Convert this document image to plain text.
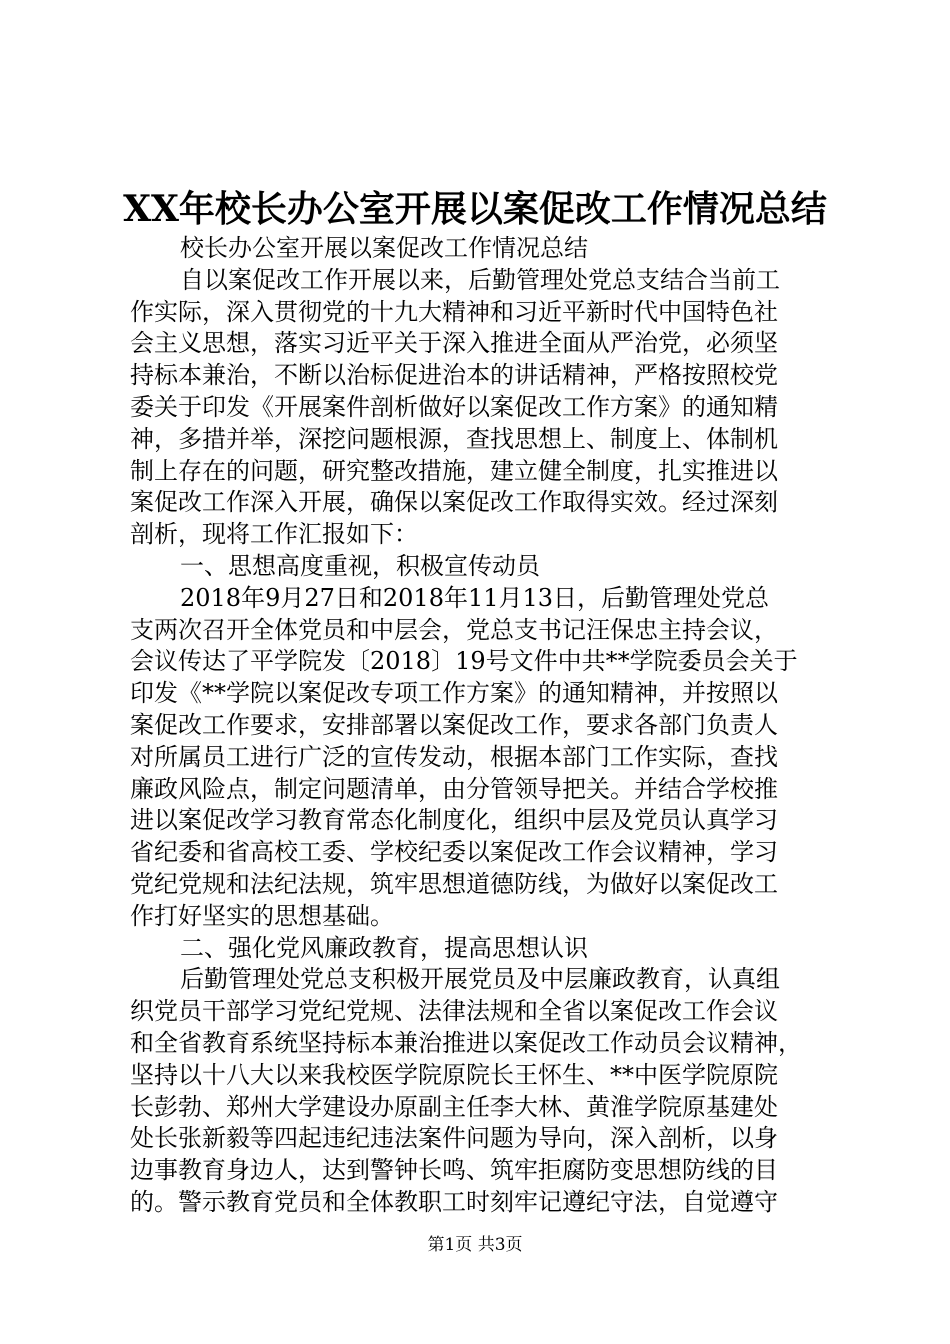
XX年校长办公室开展以案促改工作情况总结
校长办公室开展以案促改工作情况总结
自以案促改工作开展以来，后勤管理处党总支结合当前工
作实际，深入贯彻党的十九大精神和习近平新时代中国特色社
会主义思想，落实习近平关于深入推进全面从严治党，必须坚
持标本兼治，不断以治标促进治本的讲话精神，严格按照校党
委关于印发《开展案件剖析做好以案促改工作方案》的通知精
神，多措并举，深挖问题根源，查找思想上、制度上、体制机
制上存在的问题，研究整改措施，建立健全制度，扎实推进以
案促改工作深入开展，确保以案促改工作取得实效。经过深刻
剖析，现将工作汇报如下：
一、思想高度重视，积极宣传动员
2018年9月27日和2018年11月13日，后勤管理处党总
支两次召开全体党员和中层会，党总支书记汪保忠主持会议，
会议传达了平学院发〔2018〕19号文件中共**学院委员会关于
印发《**学院以案促改专项工作方案》的通知精神，并按照以
案促改工作要求，安排部署以案促改工作，要求各部门负责人
对所属员工进行广泛的宣传发动，根据本部门工作实际，查找
廉政风险点，制定问题清单，由分管领导把关。并结合学校推
进以案促改学习教育常态化制度化，组织中层及党员认真学习
省纪委和省高校工委、学校纪委以案促改工作会议精神，学习
党纪党规和法纪法规，筑牢思想道德防线，为做好以案促改工
作打好坚实的思想基础。
二、强化党风廉政教育，提高思想认识
后勤管理处党总支积极开展党员及中层廉政教育，认真组
织党员干部学习党纪党规、法律法规和全省以案促改工作会议
和全省教育系统坚持标本兼治推进以案促改工作动员会议精神，
坚持以十八大以来我校医学院原院长王怀生、**中医学院原院
长彭勃、郑州大学建设办原副主任李大林、黄淮学院原基建处
处长张新毅等四起违纪违法案件问题为导向，深入剖析，以身
边事教育身边人，达到警钟长鸣、筑牢拒腐防变思想防线的目
的。警示教育党员和全体教职工时刻牢记遵纪守法，自觉遵守
第1页 共3页
